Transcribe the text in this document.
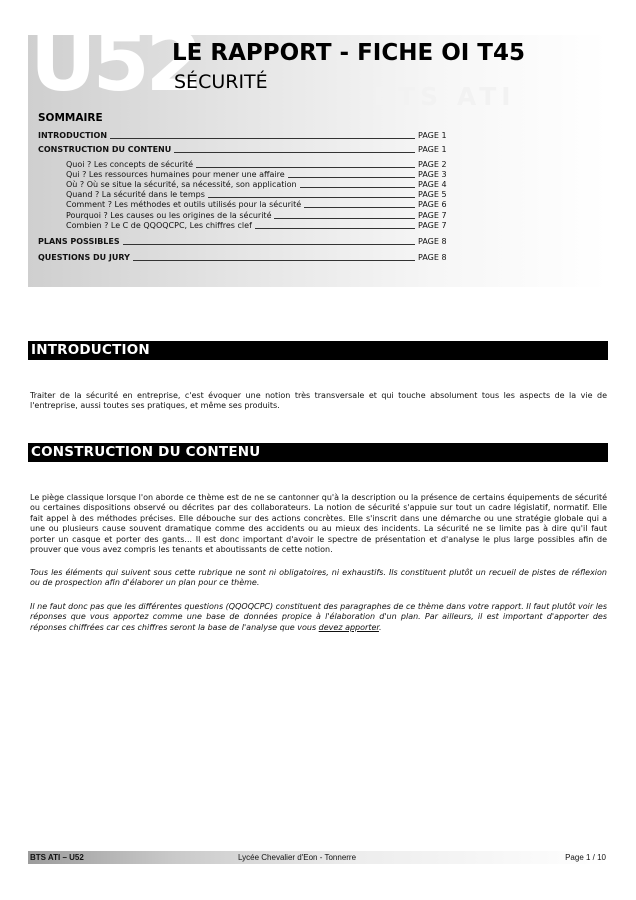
U52
LE RAPPORT - FICHE OI T45
SÉCURITÉ	BTS ATI
SOMMAIRE
INTRODUCTION	PAGE 1
CONSTRUCTION DU CONTENU	PAGE 1
Quoi ? Les concepts de sécurité	PAGE 2
Qui ? Les ressources humaines pour mener une affaire	PAGE 3
Où ? Où se situe la sécurité, sa nécessité, son application	PAGE 4
Quand ? La sécurité dans le temps	PAGE 5
Comment ? Les méthodes et outils utilisés pour la sécurité	PAGE 6
Pourquoi ? Les causes ou les origines de la sécurité	PAGE 7
Combien ? Le C de QQOQCPC, Les chiffres clef	PAGE 7
PLANS POSSIBLES	PAGE 8
QUESTIONS DU JURY	PAGE 8
INTRODUCTION

Traiter de la sécurité en entreprise, c'est évoquer une notion très transversale et qui touche absolument tous les aspects de la vie de l'entreprise, aussi toutes ses pratiques, et même ses produits.

CONSTRUCTION DU CONTENU

Le piège classique lorsque l'on aborde ce thème est de ne se cantonner qu'à la description ou la présence de certains équipements de sécurité ou certaines dispositions observé ou décrites par des collaborateurs. La notion de sécurité s'appuie sur tout un cadre législatif, normatif. Elle fait appel à des méthodes précises. Elle débouche sur des actions concrètes. Elle s'inscrit dans une démarche ou une stratégie globale qui a une ou plusieurs cause souvent dramatique comme des accidents ou au mieux des incidents. La sécurité ne se limite pas à dire qu'il faut porter un casque et porter des gants... Il est donc important d'avoir le spectre de présentation et d'analyse le plus large possibles afin de prouver que vous avez compris les tenants et aboutissants de cette notion.

Tous les éléments qui suivent sous cette rubrique ne sont ni obligatoires, ni exhaustifs. Ils constituent plutôt un recueil de pistes de réflexion ou de prospection afin d'élaborer un plan pour ce thème.

Il ne faut donc pas que les différentes questions (QQOQCPC) constituent des paragraphes de ce thème dans votre rapport. Il faut plutôt voir les réponses que vous apportez comme une base de données propice à l'élaboration d'un plan. Par ailleurs, il est important d'apporter des réponses chiffrées car ces chiffres seront la base de l'analyse que vous devez apporter.

BTS ATI – U52	Lycée Chevalier d'Eon - Tonnerre	Page 1 / 10
